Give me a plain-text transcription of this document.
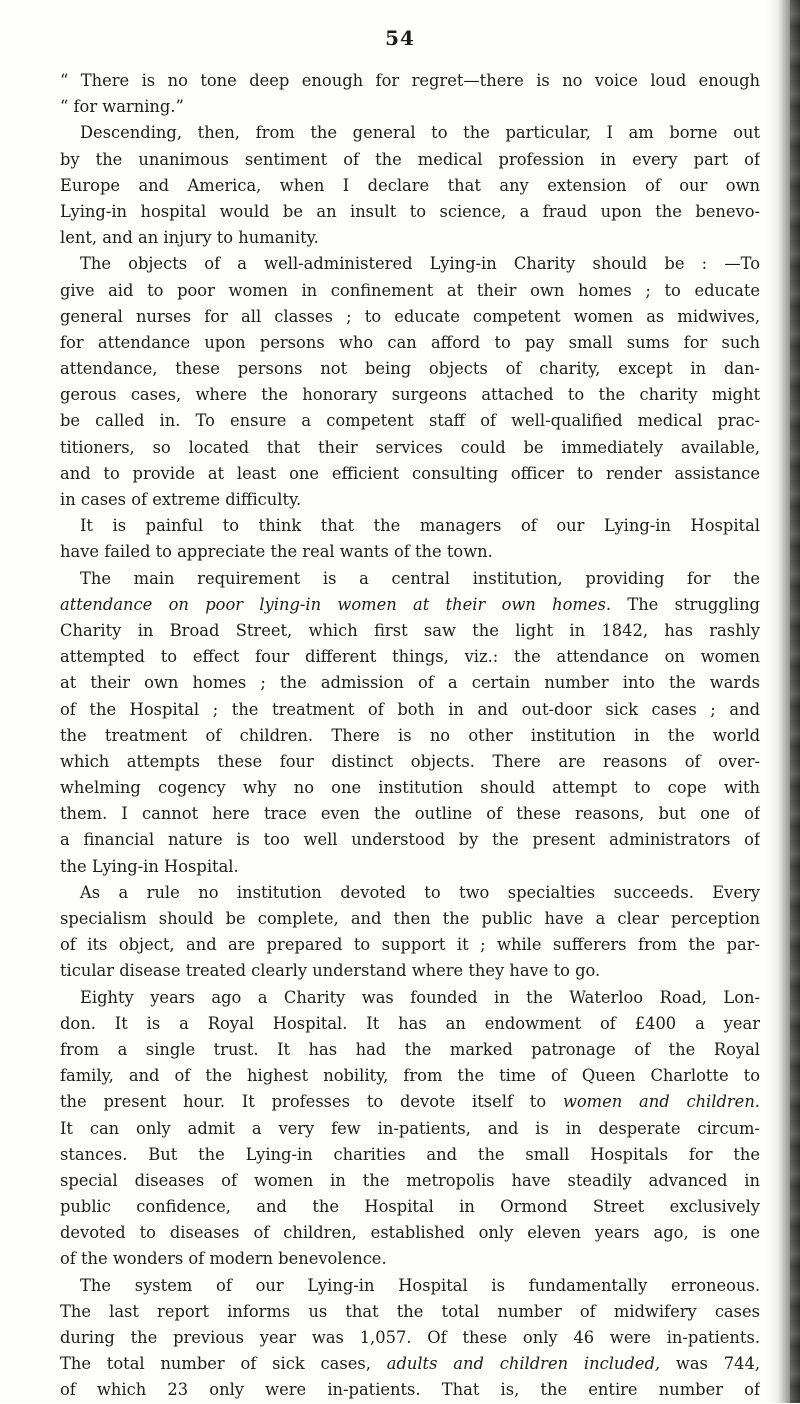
54
“ There is no tone deep enough for regret—there is no voice loud enough
“ for warning.”
Descending, then, from the general to the particular, I am borne out
by the unanimous sentiment of the medical profession in every part of
Europe and America, when I declare that any extension of our own
Lying-in hospital would be an insult to science, a fraud upon the benevo-
lent, and an injury to humanity.
The objects of a well-administered Lying-in Charity should be : —To
give aid to poor women in confinement at their own homes ; to educate
general nurses for all classes ; to educate competent women as midwives,
for attendance upon persons who can afford to pay small sums for such
attendance, these persons not being objects of charity, except in dan-
gerous cases, where the honorary surgeons attached to the charity might
be called in. To ensure a competent staff of well-qualified medical prac-
titioners, so located that their services could be immediately available,
and to provide at least one efficient consulting officer to render assistance
in cases of extreme difficulty.
It is painful to think that the managers of our Lying-in Hospital
have failed to appreciate the real wants of the town.
The main requirement is a central institution, providing for the
attendance on poor lying-in women at their own homes. The struggling
Charity in Broad Street, which first saw the light in 1842, has rashly
attempted to effect four different things, viz.: the attendance on women
at their own homes ; the admission of a certain number into the wards
of the Hospital ; the treatment of both in and out-door sick cases ; and
the treatment of children. There is no other institution in the world
which attempts these four distinct objects. There are reasons of over-
whelming cogency why no one institution should attempt to cope with
them. I cannot here trace even the outline of these reasons, but one of
a financial nature is too well understood by the present administrators of
the Lying-in Hospital.
As a rule no institution devoted to two specialties succeeds. Every
specialism should be complete, and then the public have a clear perception
of its object, and are prepared to support it ; while sufferers from the par-
ticular disease treated clearly understand where they have to go.
Eighty years ago a Charity was founded in the Waterloo Road, Lon-
don. It is a Royal Hospital. It has an endowment of £400 a year
from a single trust. It has had the marked patronage of the Royal
family, and of the highest nobility, from the time of Queen Charlotte to
the present hour. It professes to devote itself to women and children.
It can only admit a very few in-patients, and is in desperate circum-
stances. But the Lying-in charities and the small Hospitals for the
special diseases of women in the metropolis have steadily advanced in
public confidence, and the Hospital in Ormond Street exclusively
devoted to diseases of children, established only eleven years ago, is one
of the wonders of modern benevolence.
The system of our Lying-in Hospital is fundamentally erroneous.
The last report informs us that the total number of midwifery cases
during the previous year was 1,057. Of these only 46 were in-patients.
The total number of sick cases, adults and children included, was 744,
of which 23 only were in-patients. That is, the entire number of
